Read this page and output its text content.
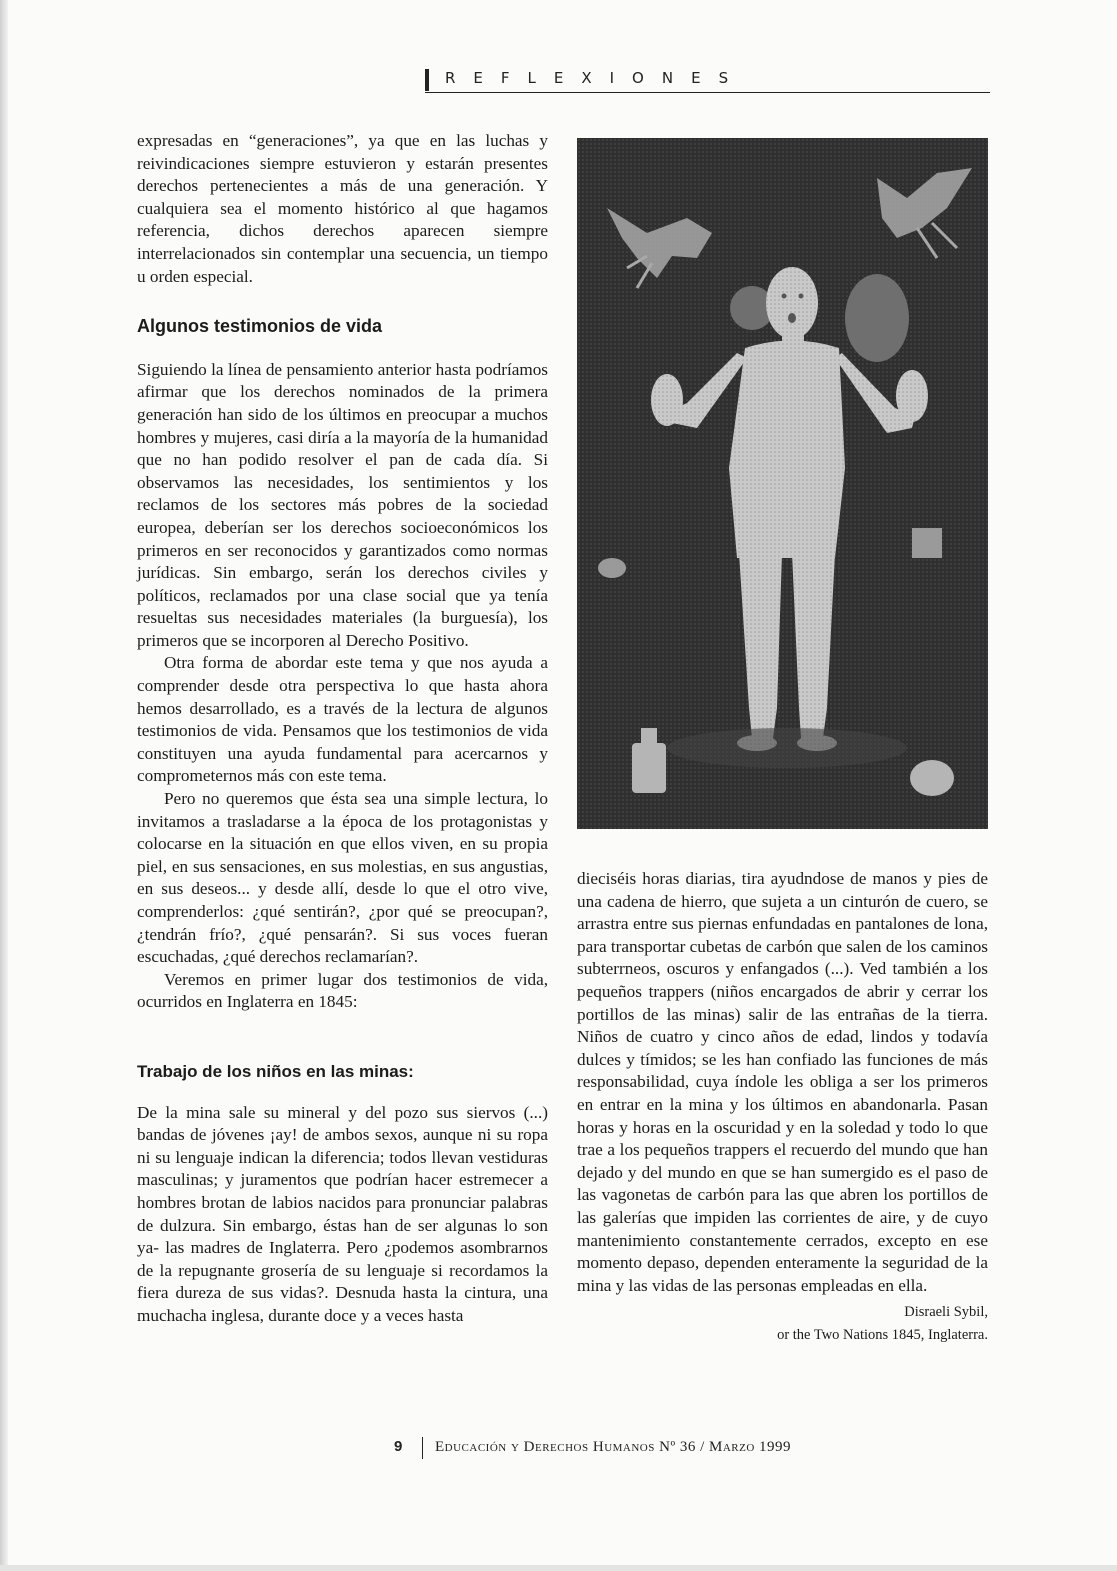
REFLEXIONES

expresadas en “generaciones”, ya que en las luchas y reivindicaciones siempre estuvieron y estarán presentes derechos pertenecientes a más de una generación. Y cualquiera sea el momento histórico al que hagamos referencia, dichos derechos aparecen siempre interrelacionados sin contemplar una secuencia, un tiempo u orden especial.

Algunos testimonios de vida

Siguiendo la línea de pensamiento anterior hasta podríamos afirmar que los derechos nominados de la primera generación han sido de los últimos en preocupar a muchos hombres y mujeres, casi diría a la mayoría de la humanidad que no han podido resolver el pan de cada día. Si observamos las necesidades, los sentimientos y los reclamos de los sectores más pobres de la sociedad europea, deberían ser los derechos socioeconómicos los primeros en ser reconocidos y garantizados como normas jurídicas. Sin embargo, serán los derechos civiles y políticos, reclamados por una clase social que ya tenía resueltas sus necesidades materiales (la burguesía), los primeros que se incorporen al Derecho Positivo.

Otra forma de abordar este tema y que nos ayuda a comprender desde otra perspectiva lo que hasta ahora hemos desarrollado, es a través de la lectura de algunos testimonios de vida. Pensamos que los testimonios de vida constituyen una ayuda fundamental para acercarnos y comprometernos más con este tema.

Pero no queremos que ésta sea una simple lectura, lo invitamos a trasladarse a la época de los protagonistas y colocarse en la situación en que ellos viven, en su propia piel, en sus sensaciones, en sus molestias, en sus angustias, en sus deseos... y desde allí, desde lo que el otro vive, comprenderlos: ¿qué sentirán?, ¿por qué se preocupan?, ¿tendrán frío?, ¿qué pensarán?. Si sus voces fueran escuchadas, ¿qué derechos reclamarían?.

Veremos en primer lugar dos testimonios de vida, ocurridos en Inglaterra en 1845:

Trabajo de los niños en las minas:

De la mina sale su mineral y del pozo sus siervos (...) bandas de jóvenes ¡ay! de ambos sexos, aunque ni su ropa ni su lenguaje indican la diferencia; todos llevan vestiduras masculinas; y juramentos que podrían hacer estremecer a hombres brotan de labios nacidos para pronunciar palabras de dulzura. Sin embargo, éstas han de ser algunas lo son ya- las madres de Inglaterra. Pero ¿podemos asombrarnos de la repugnante grosería de su lenguaje si recordamos la fiera dureza de sus vidas?. Desnuda hasta la cintura, una muchacha inglesa, durante doce y a veces hasta

dieciséis horas diarias, tira ayudndose de manos y pies de una cadena de hierro, que sujeta a un cinturón de cuero, se arrastra entre sus piernas enfundadas en pantalones de lona, para transportar cubetas de carbón que salen de los caminos subterrneos, oscuros y enfangados (...). Ved también a los pequeños trappers (niños encargados de abrir y cerrar los portillos de las minas) salir de las entrañas de la tierra. Niños de cuatro y cinco años de edad, lindos y todavía dulces y tímidos; se les han confiado las funciones de más responsabilidad, cuya índole les obliga a ser los primeros en entrar en la mina y los últimos en abandonarla. Pasan horas y horas en la oscuridad y en la soledad y todo lo que trae a los pequeños trappers el recuerdo del mundo que han dejado y del mundo en que se han sumergido es el paso de las vagonetas de carbón para las que abren los portillos de las galerías que impiden las corrientes de aire, y de cuyo mantenimiento constantemente cerrados, excepto en ese momento depaso, dependen enteramente la seguridad de la mina y las vidas de las personas empleadas en ella.

Disraeli Sybil,
or the Two Nations 1845, Inglaterra.
9 Educación y Derechos Humanos Nº 36 / Marzo 1999
